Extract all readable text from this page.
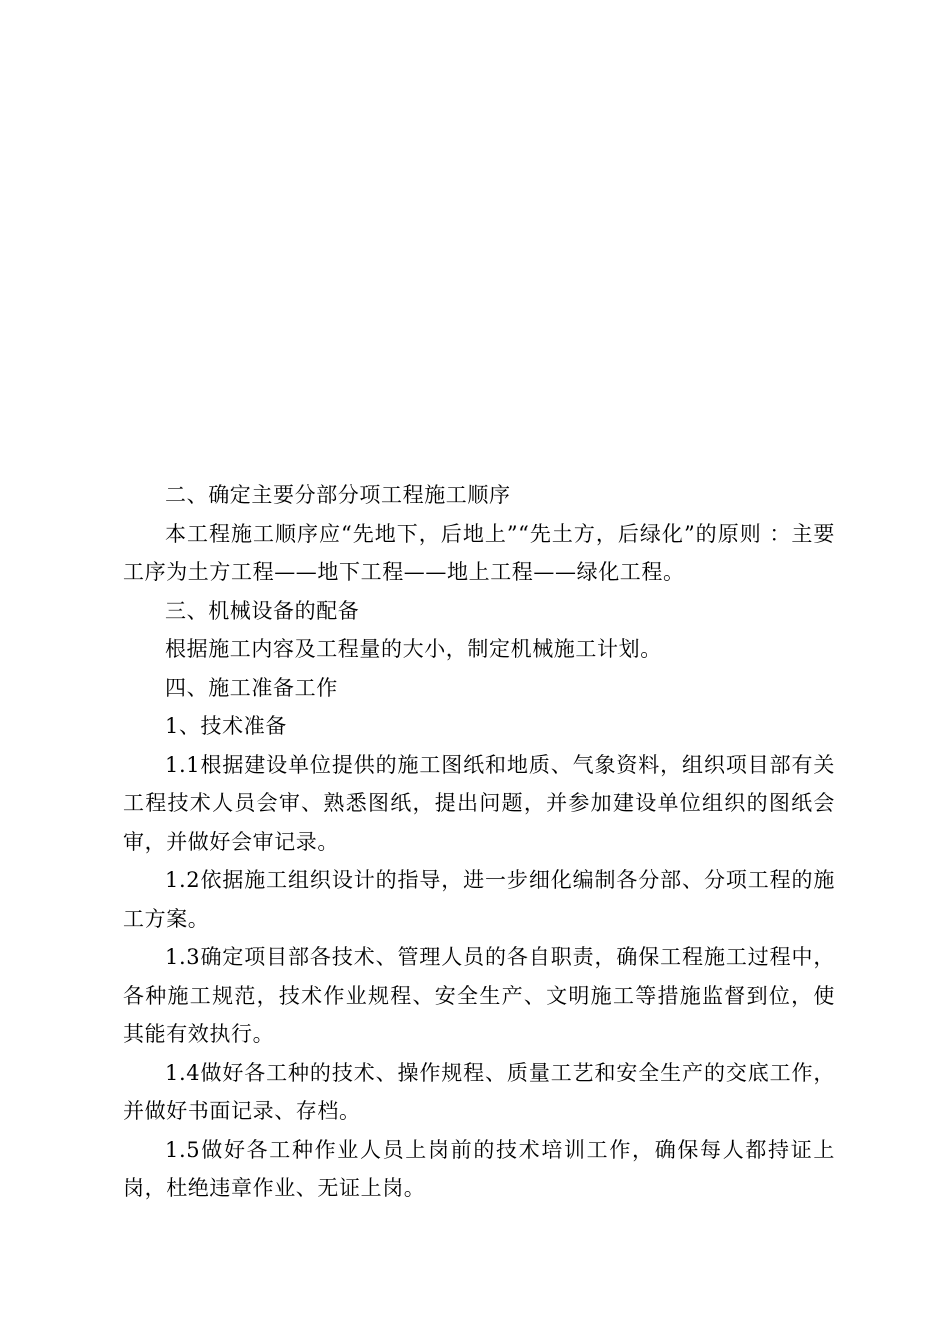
二、确定主要分部分项工程施工顺序

本工程施工顺序应“先地下，后地上”“先土方，后绿化”的原则 ：主要工序为土方工程——地下工程——地上工程——绿化工程。

三、机械设备的配备

根据施工内容及工程量的大小，制定机械施工计划。

四、施工准备工作

1、技术准备

1.1根据建设单位提供的施工图纸和地质、气象资料，组织项目部有关工程技术人员会审、熟悉图纸，提出问题，并参加建设单位组织的图纸会审，并做好会审记录。

1.2依据施工组织设计的指导，进一步细化编制各分部、分项工程的施工方案。

1.3确定项目部各技术、管理人员的各自职责，确保工程施工过程中，各种施工规范，技术作业规程、安全生产、文明施工等措施监督到位，使其能有效执行。

1.4做好各工种的技术、操作规程、质量工艺和安全生产的交底工作，并做好书面记录、存档。

1.5做好各工种作业人员上岗前的技术培训工作，确保每人都持证上岗，杜绝违章作业、无证上岗。
